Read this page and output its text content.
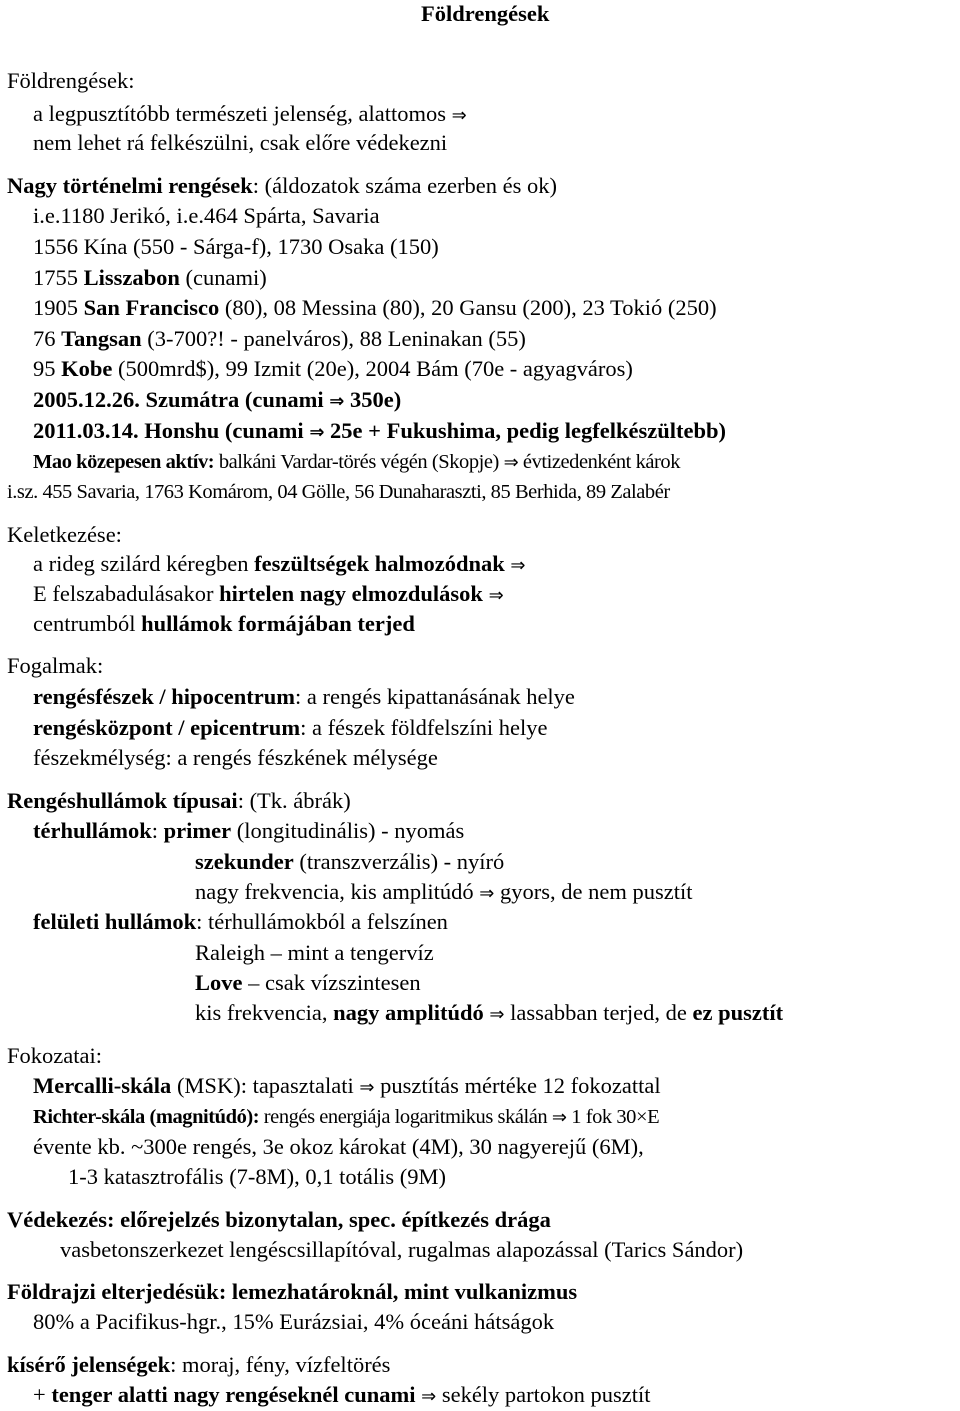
Földrengések
Földrengések:
a legpusztítóbb természeti jelenség, alattomos ⇒
nem lehet rá felkészülni, csak előre védekezni
Nagy történelmi rengések: (áldozatok száma ezerben és ok)
i.e.1180 Jerikó, i.e.464 Spárta, Savaria
1556 Kína (550 - Sárga-f), 1730 Osaka (150)
1755 Lisszabon (cunami)
1905 San Francisco (80), 08 Messina (80), 20 Gansu (200), 23 Tokió (250)
76 Tangsan (3-700?! - panelváros), 88 Leninakan (55)
95 Kobe (500mrd$), 99 Izmit (20e), 2004 Bám (70e - agyagváros)
2005.12.26. Szumátra (cunami ⇒ 350e)
2011.03.14. Honshu (cunami ⇒ 25e + Fukushima, pedig legfelkészültebb)
Mao közepesen aktív: balkáni Vardar-törés végén (Skopje) ⇒ évtizedenként károk
i.sz. 455 Savaria, 1763 Komárom, 04 Gölle, 56 Dunaharaszti, 85 Berhida, 89 Zalabér
Keletkezése:
a rideg szilárd kéregben feszültségek halmozódnak ⇒
E felszabadulásakor hirtelen nagy elmozdulások ⇒
centrumból hullámok formájában terjed
Fogalmak:
rengésfészek / hipocentrum: a rengés kipattanásának helye
rengésközpont / epicentrum: a fészek földfelszíni helye
fészekmélység: a rengés fészkének mélysége
Rengéshullámok típusai: (Tk. ábrák)
térhullámok: primer (longitudinális) - nyomás
szekunder (transzverzális) - nyíró
nagy frekvencia, kis amplitúdó ⇒ gyors, de nem pusztít
felületi hullámok: térhullámokból a felszínen
Raleigh – mint a tengervíz
Love – csak vízszintesen
kis frekvencia, nagy amplitúdó ⇒ lassabban terjed, de ez pusztít
Fokozatai:
Mercalli-skála (MSK): tapasztalati ⇒ pusztítás mértéke 12 fokozattal
Richter-skála (magnitúdó): rengés energiája logaritmikus skálán ⇒ 1 fok 30×E
évente kb. ~300e rengés, 3e okoz károkat (4M), 30 nagyerejű (6M),
1-3 katasztrofális (7-8M), 0,1 totális (9M)
Védekezés: előrejelzés bizonytalan, spec. építkezés drága
vasbetonszerkezet lengéscsillapítóval, rugalmas alapozással (Tarics Sándor)
Földrajzi elterjedésük: lemezhatároknál, mint vulkanizmus
80% a Pacifikus-hgr., 15% Eurázsiai, 4% óceáni hátságok
kísérő jelenségek: moraj, fény, vízfeltörés
+ tenger alatti nagy rengéseknél cunami ⇒ sekély partokon pusztít
